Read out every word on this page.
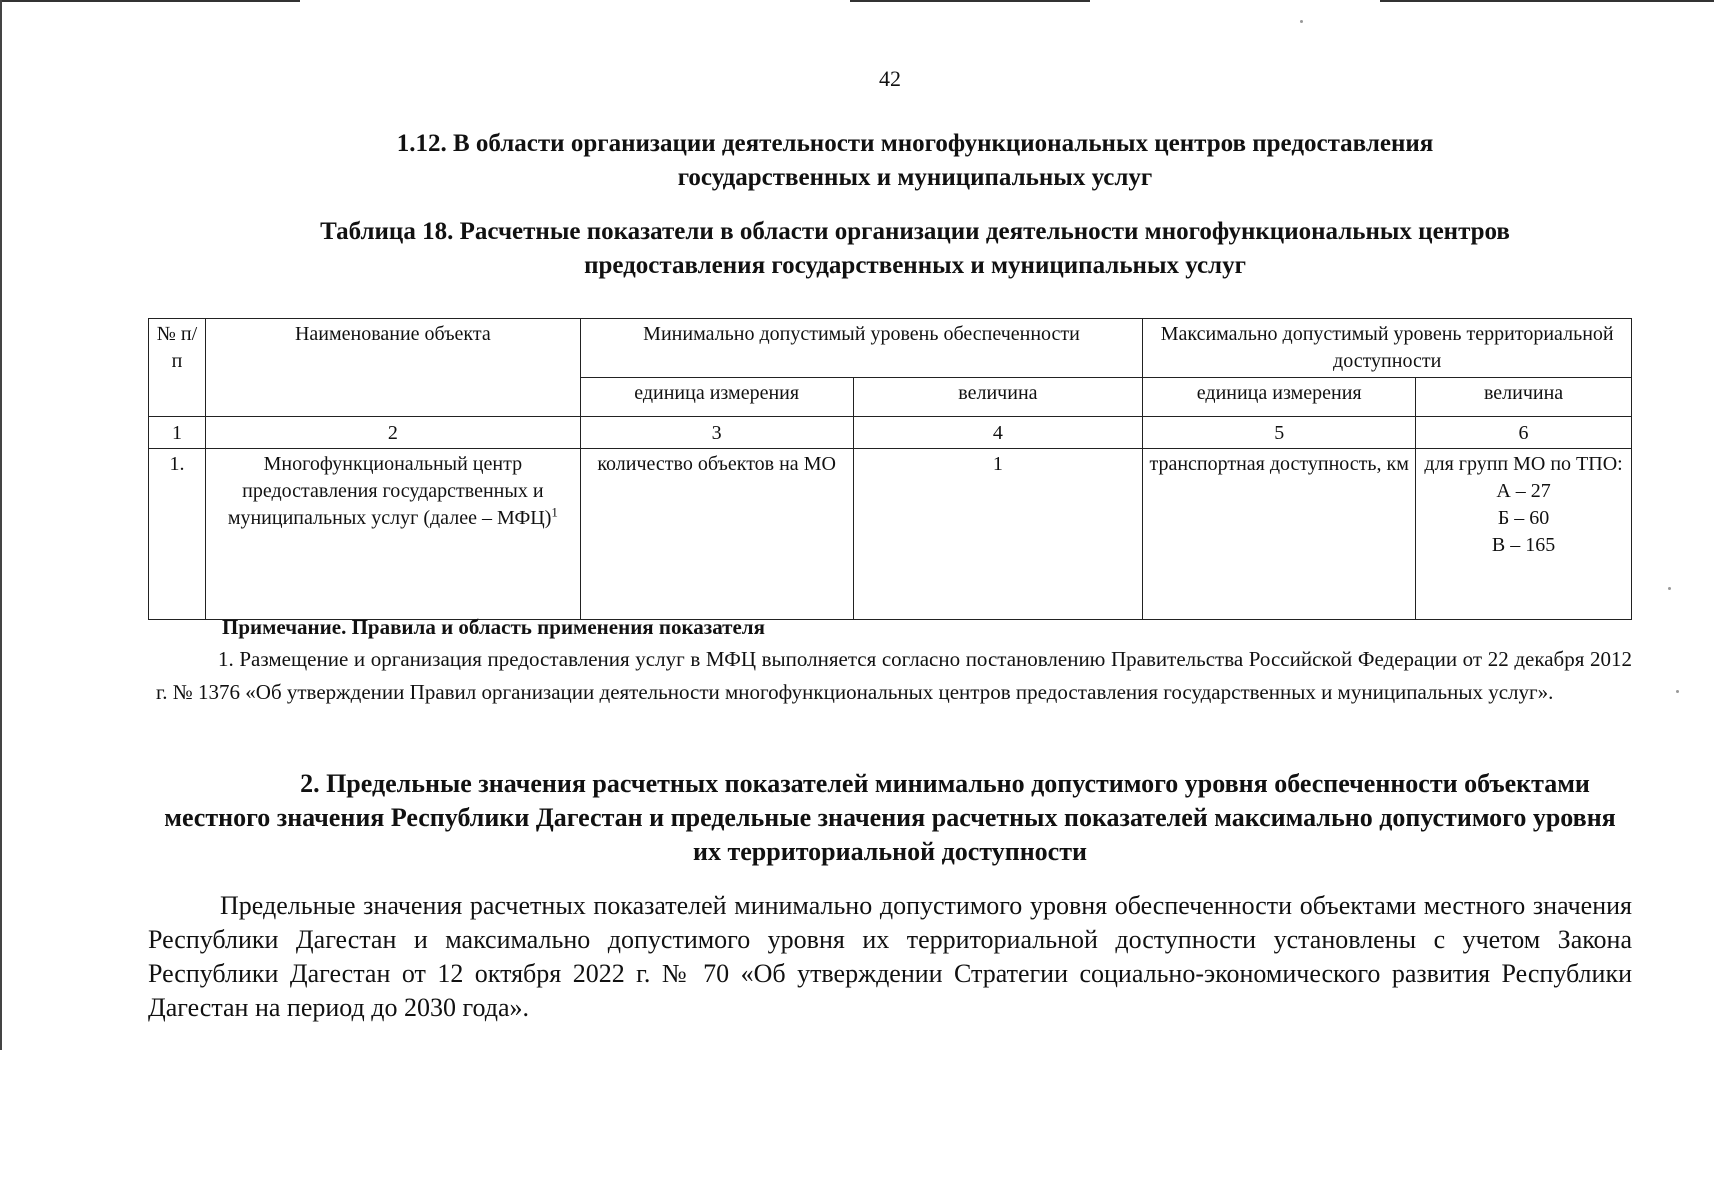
42
1.12. В области организации деятельности многофункциональных центров предоставления государственных и муниципальных услуг
Таблица 18. Расчетные показатели в области организации деятельности многофункциональных центров предоставления государственных и муниципальных услуг
№ п/п	Наименование объекта	Минимально допустимый уровень обеспеченности		Максимально допустимый уровень территориальной доступности	
		единица измерения	величина	единица измерения	величина
1	2	3	4	5	6
1.	Многофункциональный центр предоставления государственных и муниципальных услуг (далее – МФЦ)$^1$	количество объектов на МО	1	транспортная доступность, км	для групп МО по ТПО:
А – 27
Б – 60
В – 165
Примечание. Правила и область применения показателя
1. Размещение и организация предоставления услуг в МФЦ выполняется согласно постановлению Правительства Российской Федерации от 22 декабря 2012 г. № 1376 «Об утверждении Правил организации деятельности многофункциональных центров предоставления государственных и муниципальных услуг».
2. Предельные значения расчетных показателей минимально допустимого уровня обеспеченности объектами местного значения Республики Дагестан и предельные значения расчетных показателей максимально допустимого уровня их территориальной доступности
Предельные значения расчетных показателей минимально допустимого уровня обеспеченности объектами местного значения Республики Дагестан и максимально допустимого уровня их территориальной доступности установлены с учетом Закона Республики Дагестан от 12 октября 2022 г. № 70 «Об утверждении Стратегии социально-экономического развития Республики Дагестан на период до 2030 года».
